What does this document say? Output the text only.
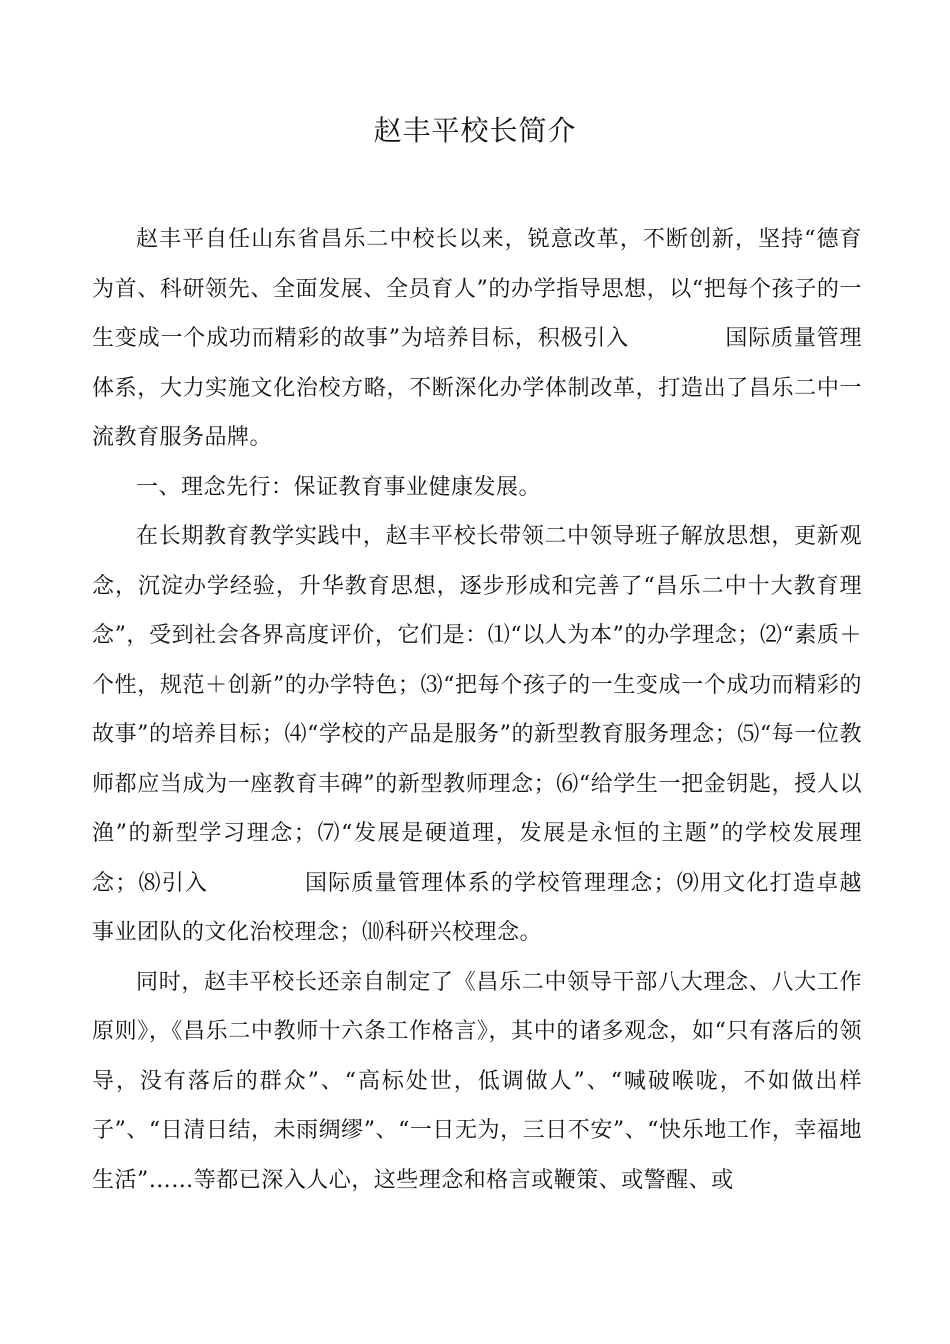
赵丰平校长简介

赵丰平自任山东省昌乐二中校长以来，锐意改革，不断创新，坚持“德育为首、科研领先、全面发展、全员育人”的办学指导思想，以“把每个孩子的一生变成一个成功而精彩的故事”为培养目标，积极引入	国际质量管理体系，大力实施文化治校方略，不断深化办学体制改革，打造出了昌乐二中一流教育服务品牌。

一、理念先行：保证教育事业健康发展。

在长期教育教学实践中，赵丰平校长带领二中领导班子解放思想，更新观念，沉淀办学经验，升华教育思想，逐步形成和完善了“昌乐二中十大教育理念”，受到社会各界高度评价，它们是：⑴“以人为本”的办学理念；⑵“素质＋个性，规范＋创新”的办学特色；⑶“把每个孩子的一生变成一个成功而精彩的故事”的培养目标；⑷“学校的产品是服务”的新型教育服务理念；⑸“每一位教师都应当成为一座教育丰碑”的新型教师理念；⑹“给学生一把金钥匙，授人以渔”的新型学习理念；⑺“发展是硬道理，发展是永恒的主题”的学校发展理念；⑻引入	国际质量管理体系的学校管理理念；⑼用文化打造卓越事业团队的文化治校理念；⑽科研兴校理念。

同时，赵丰平校长还亲自制定了《昌乐二中领导干部八大理念、八大工作原则》，《昌乐二中教师十六条工作格言》，其中的诸多观念，如“只有落后的领导，没有落后的群众”、“高标处世，低调做人”、“喊破喉咙，不如做出样子”、“日清日结，未雨绸缪”、“一日无为，三日不安”、“快乐地工作，幸福地生活”……等都已深入人心，这些理念和格言或鞭策、或警醒、或
